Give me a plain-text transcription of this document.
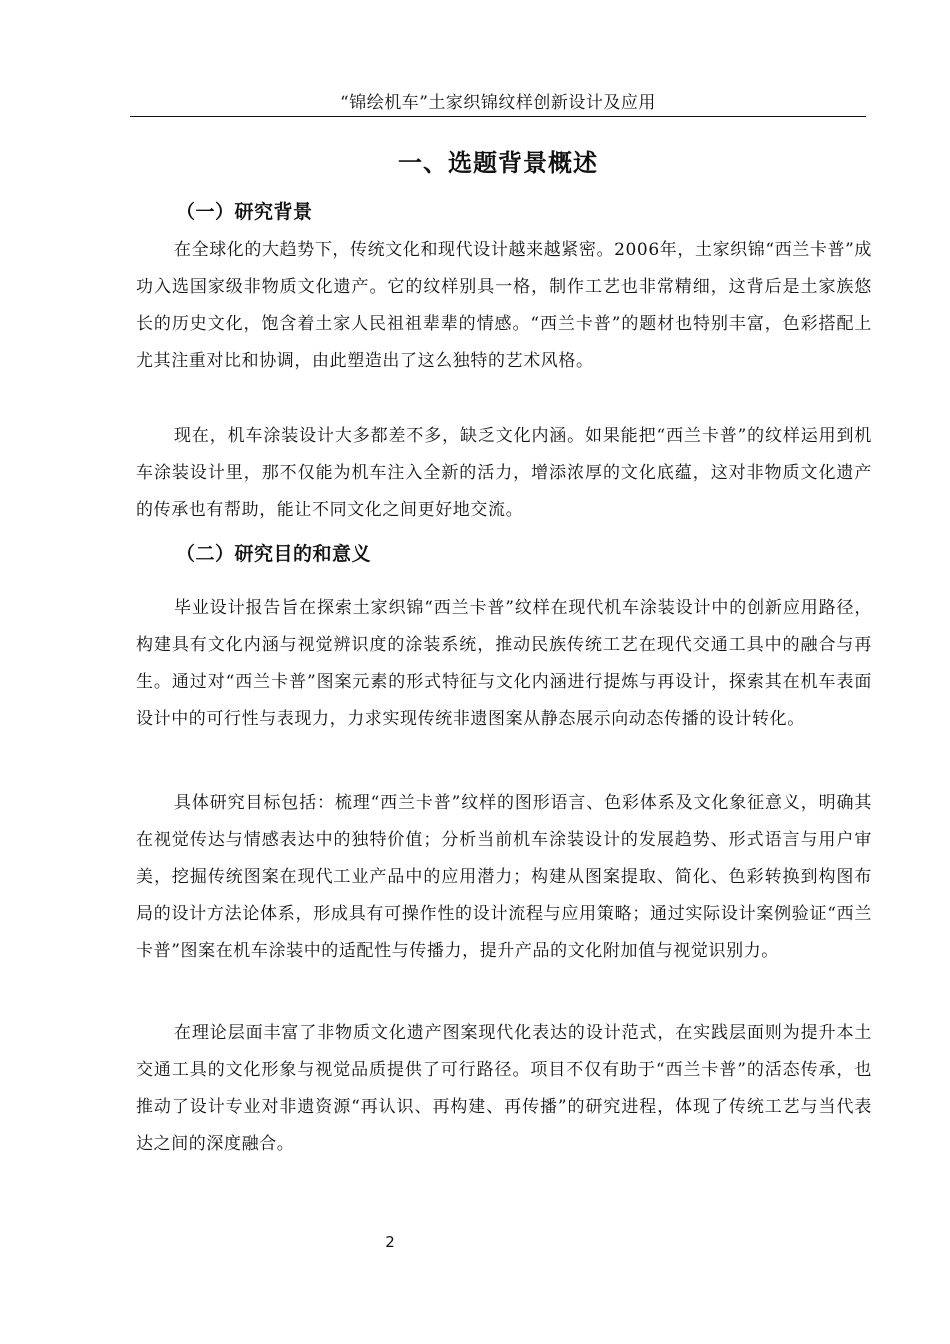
“锦绘机车”土家织锦纹样创新设计及应用
一、选题背景概述
（一）研究背景

在全球化的大趋势下，传统文化和现代设计越来越紧密。2006年，土家织锦“西兰卡普”成功入选国家级非物质文化遗产。它的纹样别具一格，制作工艺也非常精细，这背后是土家族悠长的历史文化，饱含着土家人民祖祖辈辈的情感。“西兰卡普”的题材也特别丰富，色彩搭配上尤其注重对比和协调，由此塑造出了这么独特的艺术风格。

现在，机车涂装设计大多都差不多，缺乏文化内涵。如果能把“西兰卡普”的纹样运用到机车涂装设计里，那不仅能为机车注入全新的活力，增添浓厚的文化底蕴，这对非物质文化遗产的传承也有帮助，能让不同文化之间更好地交流。

（二）研究目的和意义

毕业设计报告旨在探索土家织锦“西兰卡普”纹样在现代机车涂装设计中的创新应用路径，构建具有文化内涵与视觉辨识度的涂装系统，推动民族传统工艺在现代交通工具中的融合与再生。通过对“西兰卡普”图案元素的形式特征与文化内涵进行提炼与再设计，探索其在机车表面设计中的可行性与表现力，力求实现传统非遗图案从静态展示向动态传播的设计转化。

具体研究目标包括：梳理“西兰卡普”纹样的图形语言、色彩体系及文化象征意义，明确其在视觉传达与情感表达中的独特价值；分析当前机车涂装设计的发展趋势、形式语言与用户审美，挖掘传统图案在现代工业产品中的应用潜力；构建从图案提取、简化、色彩转换到构图布局的设计方法论体系，形成具有可操作性的设计流程与应用策略；通过实际设计案例验证“西兰卡普”图案在机车涂装中的适配性与传播力，提升产品的文化附加值与视觉识别力。

在理论层面丰富了非物质文化遗产图案现代化表达的设计范式，在实践层面则为提升本土交通工具的文化形象与视觉品质提供了可行路径。项目不仅有助于“西兰卡普”的活态传承，也推动了设计专业对非遗资源“再认识、再构建、再传播”的研究进程，体现了传统工艺与当代表达之间的深度融合。

2
